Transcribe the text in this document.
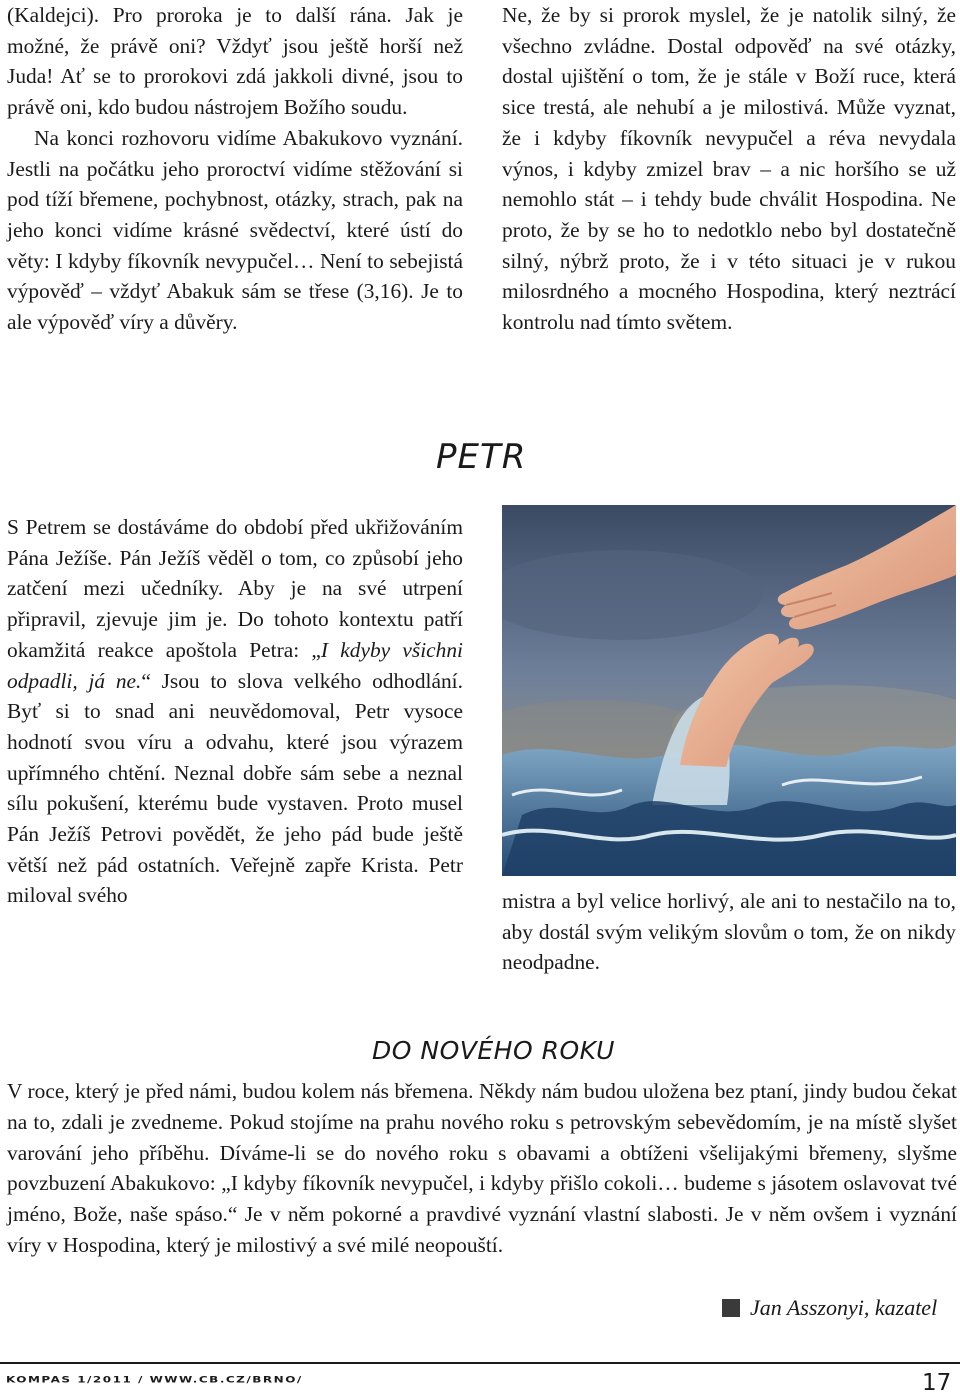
(Kaldejci). Pro proroka je to další rána. Jak je možné, že právě oni? Vždyť jsou ještě horší než Juda! Ať se to prorokovi zdá jakkoli divné, jsou to právě oni, kdo budou nástrojem Božího soudu.

Na konci rozhovoru vidíme Abakukovo vyznání. Jestli na počátku jeho proroctví vidíme stěžování si pod tíží břemene, pochybnost, otázky, strach, pak na jeho konci vidíme krásné svědectví, které ústí do věty: I kdyby fíkovník nevypučel… Není to sebejistá výpověď – vždyť Abakuk sám se třese (3,16). Je to ale výpověď víry a důvěry.

Ne, že by si prorok myslel, že je natolik silný, že všechno zvládne. Dostal odpověď na své otázky, dostal ujištění o tom, že je stále v Boží ruce, která sice trestá, ale nehubí a je milostivá. Může vyznat, že i kdyby fíkovník nevypučel a réva nevydala výnos, i kdyby zmizel brav – a nic horšího se už nemohlo stát – i tehdy bude chválit Hospodina. Ne proto, že by se ho to nedotklo nebo byl dostatečně silný, nýbrž proto, že i v této situaci je v rukou milosrdného a mocného Hospodina, který neztrácí kontrolu nad tímto světem.

PETR

S Petrem se dostáváme do období před ukřižováním Pána Ježíše. Pán Ježíš věděl o tom, co způsobí jeho zatčení mezi učedníky. Aby je na své utrpení připravil, zjevuje jim je. Do tohoto kontextu patří okamžitá reakce apoštola Petra: „I kdyby všichni odpadli, já ne.“ Jsou to slova velkého odhodlání. Byť si to snad ani neuvědomoval, Petr vysoce hodnotí svou víru a odvahu, které jsou výrazem upřímného chtění. Neznal dobře sám sebe a neznal sílu pokušení, kterému bude vystaven. Proto musel Pán Ježíš Petrovi povědět, že jeho pád bude ještě větší než pád ostatních. Veřejně zapře Krista. Petr miloval svého	mistra a byl velice horlivý, ale ani to nestačilo na to, aby dostál svým velikým slovům o tom, že on nikdy neodpadne.

DO NOVÉHO ROKU

V roce, který je před námi, budou kolem nás břemena. Někdy nám budou uložena bez ptaní, jindy budou čekat na to, zdali je zvedneme. Pokud stojíme na prahu nového roku s petrovským sebevědomím, je na místě slyšet varování jeho příběhu. Díváme-li se do nového roku s obavami a obtíženi všelijakými břemeny, slyšme povzbuzení Abakukovo: „I kdyby fíkovník nevypučel, i kdyby přišlo cokoli… budeme s jásotem oslavovat tvé jméno, Bože, naše spáso.“ Je v něm pokorné a pravdivé vyznání vlastní slabosti. Je v něm ovšem i vyznání víry v Hospodina, který je milostivý a své milé neopouští.

Jan Asszonyi, kazatel
KOMPAS 1/2011 / WWW.CB.CZ/BRNO/	17
